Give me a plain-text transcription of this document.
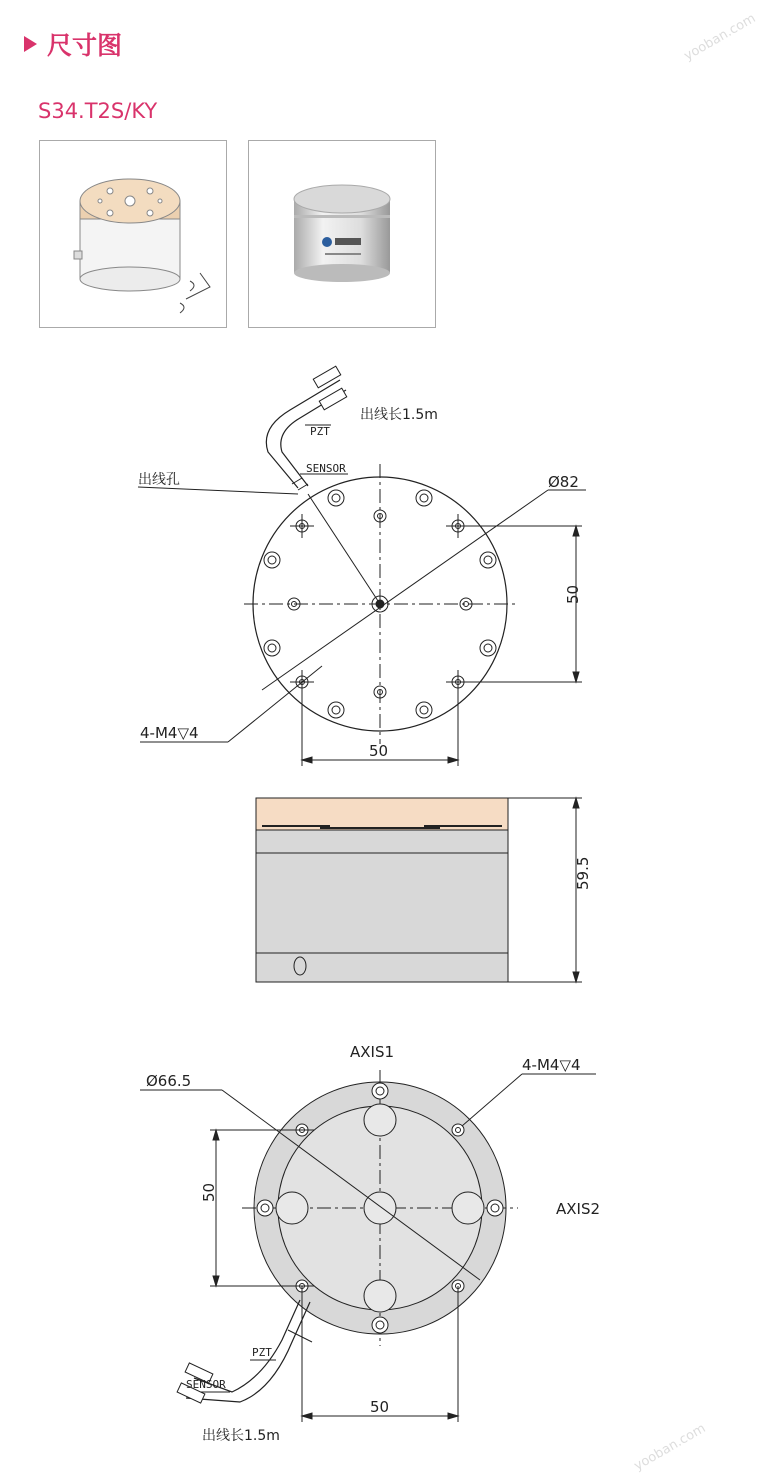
尺寸图
S34.T2S/KY
出线长1.5m
PZT
SENSOR
出线孔	Ø82
50
50
4-M4▽4
59.5
AXIS1
AXIS2
Ø66.5
4-M4▽4
50
50
PZT
SENSOR
出线长1.5m
yooban.com
yooban.com
